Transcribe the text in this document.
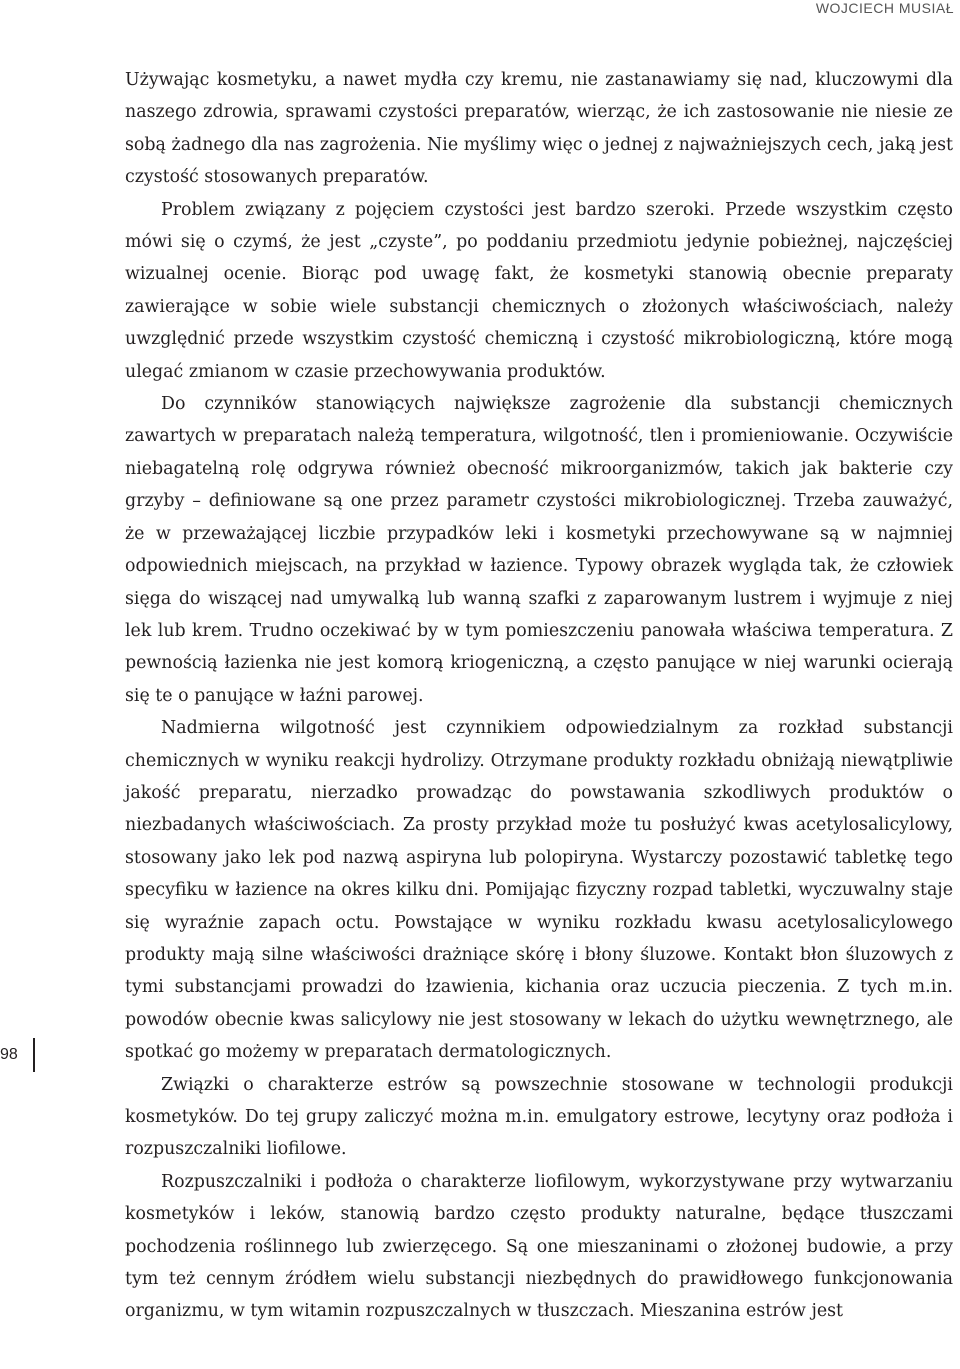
WOJCIECH MUSIAŁ
98

Używając kosmetyku, a nawet mydła czy kremu, nie zastanawiamy się nad, kluczowymi dla naszego zdrowia, sprawami czystości preparatów, wierząc, że ich zastosowanie nie niesie ze sobą żadnego dla nas zagrożenia. Nie myślimy więc o jednej z najważniejszych cech, jaką jest czystość stosowanych preparatów.

Problem związany z pojęciem czystości jest bardzo szeroki. Przede wszystkim często mówi się o czymś, że jest „czyste”, po poddaniu przedmiotu jedynie pobieżnej, najczęściej wizualnej ocenie. Biorąc pod uwagę fakt, że kosmetyki stanowią obecnie preparaty zawierające w sobie wiele substancji chemicznych o złożonych właściwościach, należy uwzględnić przede wszystkim czystość chemiczną i czystość mikrobiologiczną, które mogą ulegać zmianom w czasie przechowywania produktów.

Do czynników stanowiących największe zagrożenie dla substancji chemicznych zawartych w preparatach należą temperatura, wilgotność, tlen i promieniowanie. Oczywiście niebagatelną rolę odgrywa również obecność mikroorganizmów, takich jak bakterie czy grzyby – definiowane są one przez parametr czystości mikrobiologicznej. Trzeba zauważyć, że w przeważającej liczbie przypadków leki i kosmetyki przechowywane są w najmniej odpowiednich miejscach, na przykład w łazience. Typowy obrazek wygląda tak, że człowiek sięga do wiszącej nad umywalką lub wanną szafki z zaparowanym lustrem i wyjmuje z niej lek lub krem. Trudno oczekiwać by w tym pomieszczeniu panowała właściwa temperatura. Z pewnością łazienka nie jest komorą kriogeniczną, a często panujące w niej warunki ocierają się te o panujące w łaźni parowej.

Nadmierna wilgotność jest czynnikiem odpowiedzialnym za rozkład substancji chemicznych w wyniku reakcji hydrolizy. Otrzymane produkty rozkładu obniżają niewątpliwie jakość preparatu, nierzadko prowadząc do powstawania szkodliwych produktów o niezbadanych właściwościach. Za prosty przykład może tu posłużyć kwas acetylosalicylowy, stosowany jako lek pod nazwą aspiryna lub polopiryna. Wystarczy pozostawić tabletkę tego specyfiku w łazience na okres kilku dni. Pomijając fizyczny rozpad tabletki, wyczuwalny staje się wyraźnie zapach octu. Powstające w wyniku rozkładu kwasu acetylosalicylowego produkty mają silne właściwości drażniące skórę i błony śluzowe. Kontakt błon śluzowych z tymi substancjami prowadzi do łzawienia, kichania oraz uczucia pieczenia. Z tych m.in. powodów obecnie kwas salicylowy nie jest stosowany w lekach do użytku wewnętrznego, ale spotkać go możemy w preparatach dermatologicznych.

Związki o charakterze estrów są powszechnie stosowane w technologii produkcji kosmetyków. Do tej grupy zaliczyć można m.in. emulgatory estrowe, lecytyny oraz podłoża i rozpuszczalniki liofilowe.

Rozpuszczalniki i podłoża o charakterze liofilowym, wykorzystywane przy wytwarzaniu kosmetyków i leków, stanowią bardzo często produkty naturalne, będące tłuszczami pochodzenia roślinnego lub zwierzęcego. Są one mieszaninami o złożonej budowie, a przy tym też cennym źródłem wielu substancji niezbędnych do prawidłowego funkcjonowania organizmu, w tym witamin rozpuszczalnych w tłuszczach. Mieszanina estrów jest
